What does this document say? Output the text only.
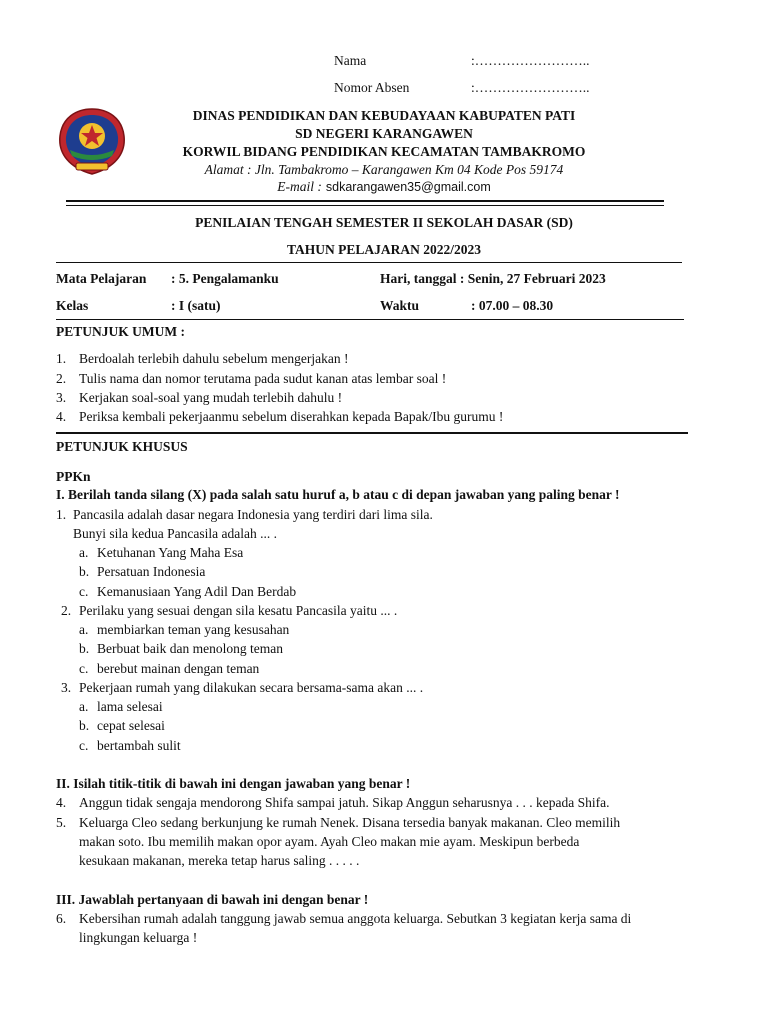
Nama	:……………………..
Nomor Absen	:……………………..
DINAS PENDIDIKAN DAN KEBUDAYAAN KABUPATEN PATI
SD NEGERI KARANGAWEN
KORWIL BIDANG PENDIDIKAN KECAMATAN TAMBAKROMO
Alamat : Jln. Tambakromo – Karangawen Km 04 Kode Pos 59174
E-mail : sdkarangawen35@gmail.com
PENILAIAN TENGAH SEMESTER II SEKOLAH DASAR (SD)
TAHUN PELAJARAN 2022/2023
Mata Pelajaran : 5. Pengalamanku	Hari, tanggal : Senin, 27 Februari 2023
Kelas	: I (satu)	Waktu	: 07.00 – 08.30
PETUNJUK UMUM :
1. Berdoalah terlebih dahulu sebelum mengerjakan !
2. Tulis nama dan nomor terutama pada sudut kanan atas lembar soal !
3. Kerjakan soal-soal yang mudah terlebih dahulu !
4. Periksa kembali pekerjaanmu sebelum diserahkan kepada Bapak/Ibu gurumu !
PETUNJUK KHUSUS
PPKn
I. Berilah tanda silang (X) pada salah satu huruf a, b atau c di depan jawaban yang paling benar !
1. Pancasila adalah dasar negara Indonesia yang terdiri dari lima sila.
Bunyi sila kedua Pancasila adalah ... .
a. Ketuhanan Yang Maha Esa
b. Persatuan Indonesia
c. Kemanusiaan Yang Adil Dan Berdab
2. Perilaku yang sesuai dengan sila kesatu Pancasila yaitu ... .
a. membiarkan teman yang kesusahan
b. Berbuat baik dan menolong teman
c. berebut mainan dengan teman
3. Pekerjaan rumah yang dilakukan secara bersama-sama akan ... .
a. lama selesai
b. cepat selesai
c. bertambah sulit
II. Isilah titik-titik di bawah ini dengan jawaban yang benar !
4. Anggun tidak sengaja mendorong Shifa sampai jatuh. Sikap Anggun seharusnya . . . kepada Shifa.
5. Keluarga Cleo sedang berkunjung ke rumah Nenek. Disana tersedia banyak makanan. Cleo memilih
makan soto. Ibu memilih makan opor ayam. Ayah Cleo makan mie ayam. Meskipun berbeda
kesukaan makanan, mereka tetap harus saling . . . . .
III. Jawablah pertanyaan di bawah ini dengan benar !
6. Kebersihan rumah adalah tanggung jawab semua anggota keluarga. Sebutkan 3 kegiatan kerja sama di
lingkungan keluarga !
